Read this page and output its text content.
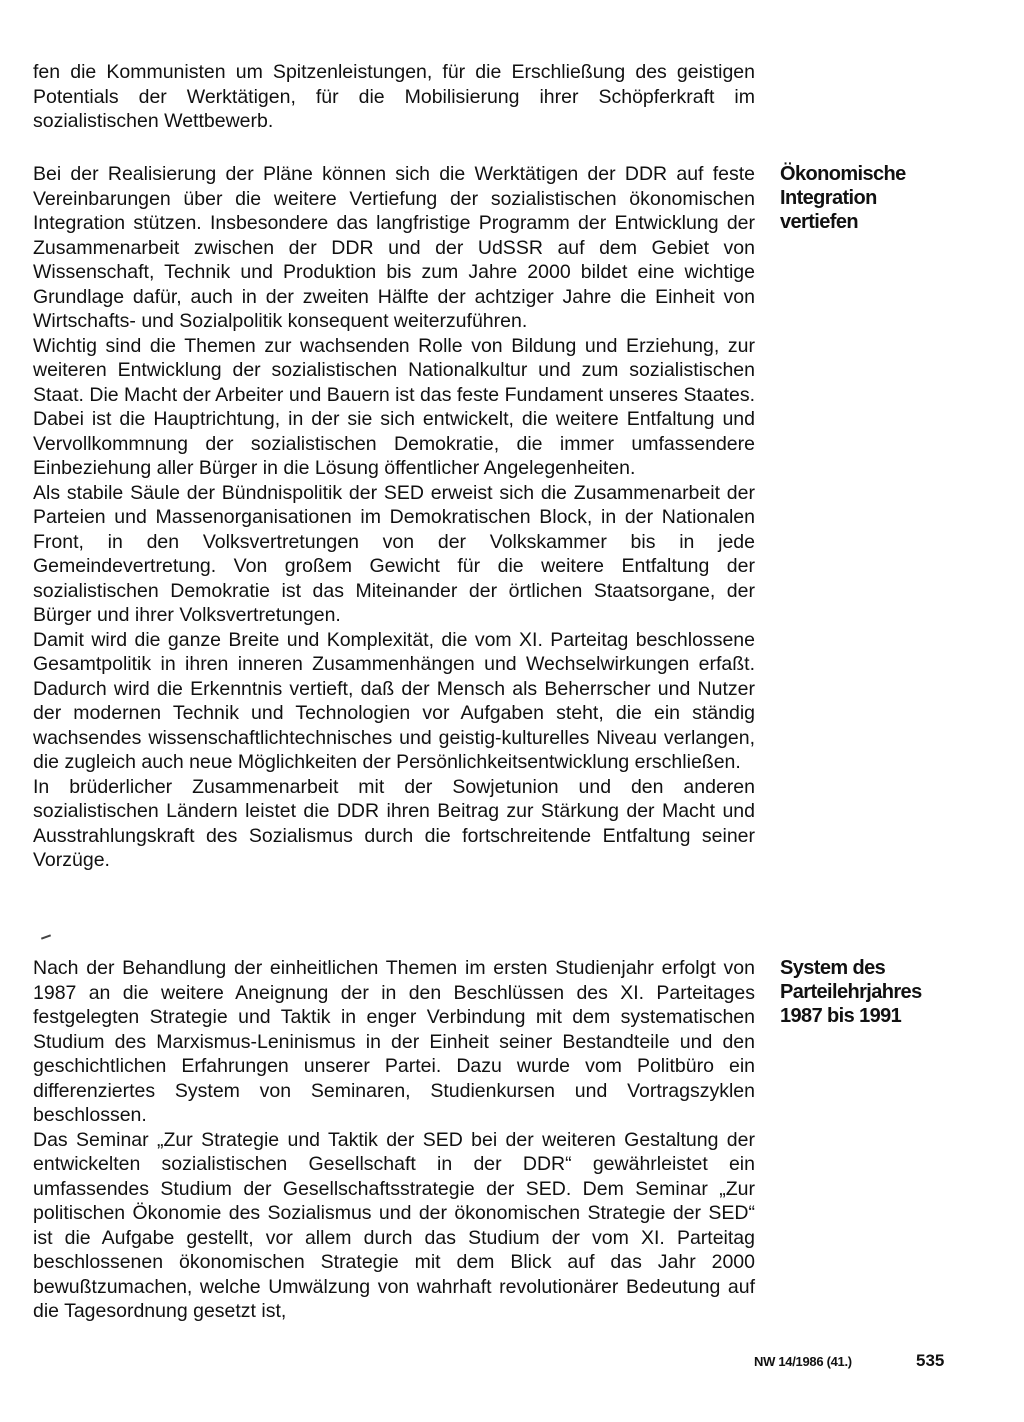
fen die Kommunisten um Spitzenleistungen, für die Erschließung des geistigen Potentials der Werktätigen, für die Mobilisierung ihrer Schöpferkraft im sozialistischen Wettbewerb.

Ökonomische
Integration
vertiefen

Bei der Realisierung der Pläne können sich die Werktätigen der DDR auf feste Vereinbarungen über die weitere Vertiefung der sozialistischen ökonomischen Integration stützen. Insbesondere das langfristige Programm der Entwicklung der Zusammenarbeit zwischen der DDR und der UdSSR auf dem Gebiet von Wissenschaft, Technik und Produktion bis zum Jahre 2000 bildet eine wichtige Grundlage dafür, auch in der zweiten Hälfte der achtziger Jahre die Einheit von Wirtschafts- und Sozialpolitik konsequent weiterzuführen.

Wichtig sind die Themen zur wachsenden Rolle von Bildung und Erziehung, zur weiteren Entwicklung der sozialistischen Nationalkultur und zum sozialistischen Staat. Die Macht der Arbeiter und Bauern ist das feste Fundament unseres Staates. Dabei ist die Hauptrichtung, in der sie sich entwickelt, die weitere Entfaltung und Vervollkommnung der sozialistischen Demokratie, die immer umfassendere Einbeziehung aller Bürger in die Lösung öffentlicher Angelegenheiten.

Als stabile Säule der Bündnispolitik der SED erweist sich die Zusammenarbeit der Parteien und Massenorganisationen im Demokratischen Block, in der Nationalen Front, in den Volksvertretungen von der Volkskammer bis in jede Gemeindevertretung. Von großem Gewicht für die weitere Entfaltung der sozialistischen Demokratie ist das Miteinander der örtlichen Staatsorgane, der Bürger und ihrer Volksvertretungen.

Damit wird die ganze Breite und Komplexität, die vom XI. Parteitag beschlossene Gesamtpolitik in ihren inneren Zusammenhängen und Wechselwirkungen erfaßt. Dadurch wird die Erkenntnis vertieft, daß der Mensch als Beherrscher und Nutzer der modernen Technik und Technologien vor Aufgaben steht, die ein ständig wachsendes wissenschaftlichtechnisches und geistig-kulturelles Niveau verlangen, die zugleich auch neue Möglichkeiten der Persönlichkeitsentwicklung erschließen.

In brüderlicher Zusammenarbeit mit der Sowjetunion und den anderen sozialistischen Ländern leistet die DDR ihren Beitrag zur Stärkung der Macht und Ausstrahlungskraft des Sozialismus durch die fortschreitende Entfaltung seiner Vorzüge.

System des
Parteilehrjahres
1987 bis 1991

Nach der Behandlung der einheitlichen Themen im ersten Studienjahr erfolgt von 1987 an die weitere Aneignung der in den Beschlüssen des XI. Parteitages festgelegten Strategie und Taktik in enger Verbindung mit dem systematischen Studium des Marxismus-Leninismus in der Einheit seiner Bestandteile und den geschichtlichen Erfahrungen unserer Partei. Dazu wurde vom Politbüro ein differenziertes System von Seminaren, Studienkursen und Vortragszyklen beschlossen.

Das Seminar „Zur Strategie und Taktik der SED bei der weiteren Gestaltung der entwickelten sozialistischen Gesellschaft in der DDR“ gewährleistet ein umfassendes Studium der Gesellschaftsstrategie der SED. Dem Seminar „Zur politischen Ökonomie des Sozialismus und der ökonomischen Strategie der SED“ ist die Aufgabe gestellt, vor allem durch das Studium der vom XI. Parteitag beschlossenen ökonomischen Strategie mit dem Blick auf das Jahr 2000 bewußtzumachen, welche Umwälzung von wahrhaft revolutionärer Bedeutung auf die Tagesordnung gesetzt ist,

NW 14/1986 (41.)	535
